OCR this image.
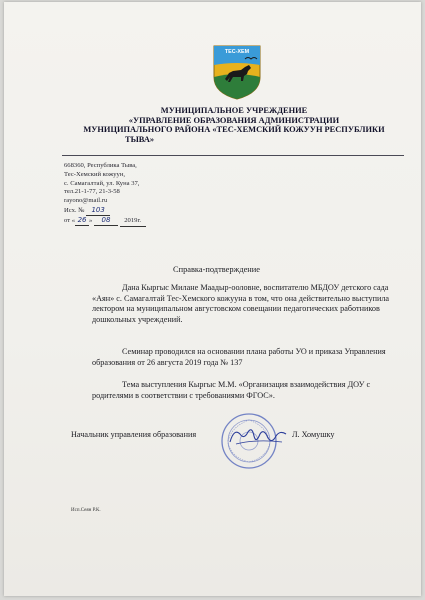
ТЕС-ХЕМ
МУНИЦИПАЛЬНОЕ УЧРЕЖДЕНИЕ
«УПРАВЛЕНИЕ ОБРАЗОВАНИЯ АДМИНИСТРАЦИИ
МУНИЦИПАЛЬНОГО РАЙОНА «ТЕС-ХЕМСКИЙ КОЖУУН РЕСПУБЛИКИ
ТЫВА»
668360, Республика Тыва,
Тес-Хемский кожуун,
с. Самагалтай, ул. Куна 37,
тел.21-1-77, 21-3-58
rayono@mail.ru
Исх. № 103
от « 26 » 08 2019г.
Справка-подтверждение
Дана Кыргыс Милане Маадыр-ооловне, воспитателю МБДОУ детского сада «Аян» с. Самагалтай Тес-Хемского кожууна в том, что она действительно выступила лектором на муниципальном августовском совещании педагогических работников дошкольных учреждений.
Семинар проводился на основании плана работы УО и приказа Управления образования от 26 августа 2019 года № 137
Тема выступления Кыргыс М.М. «Организация взаимодействия ДОУ с родителями в соответствии с требованиями ФГОС».
Начальник управления образования	Л. Хомушку
Исп.Сеян Р.К.
